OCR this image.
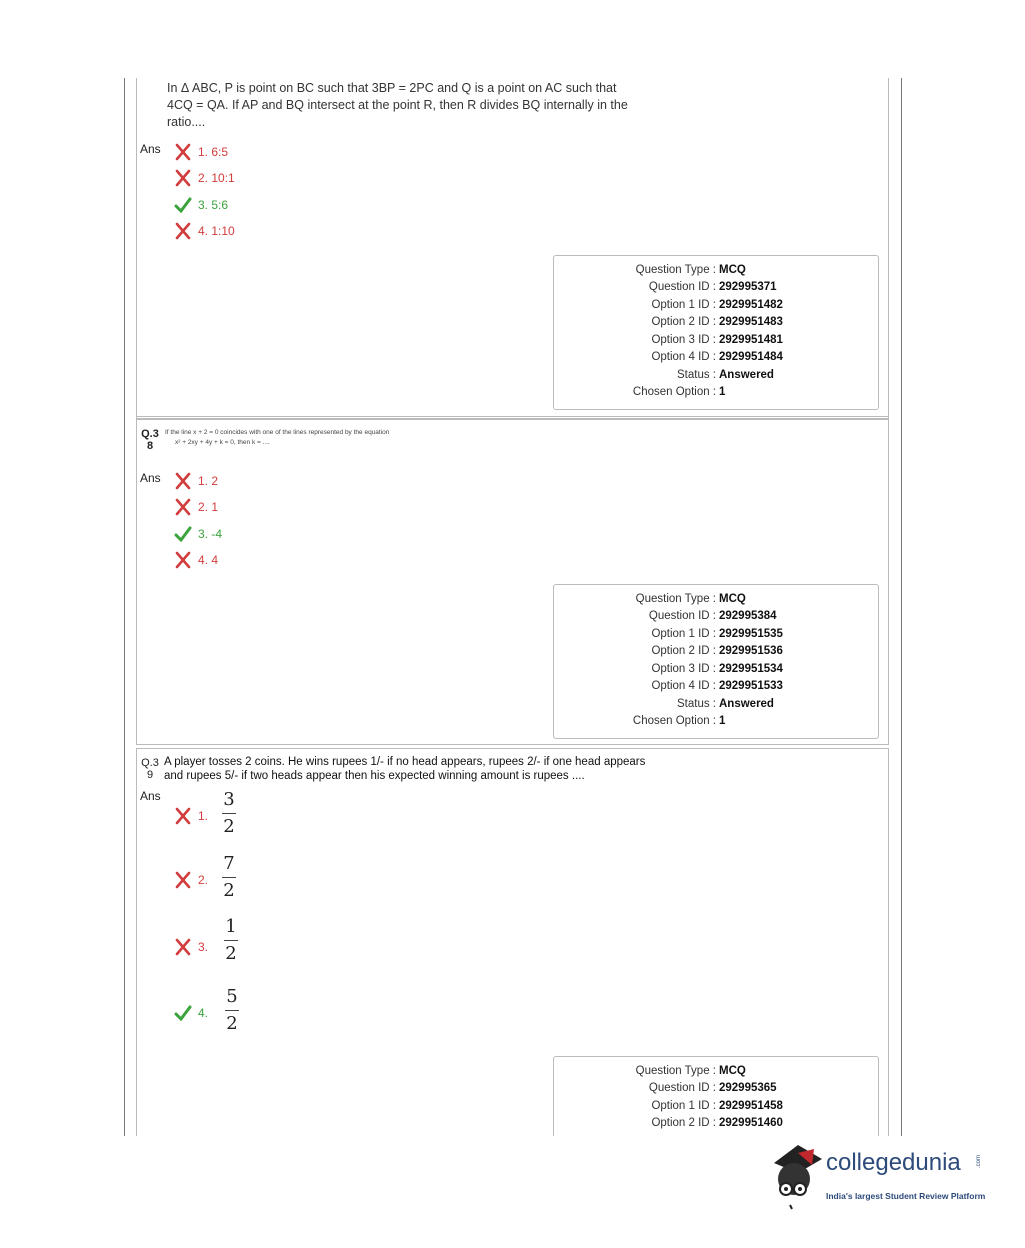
In Δ ABC, P is point on BC such that 3BP = 2PC and Q is a point on AC such that
4CQ = QA. If AP and BQ intersect at the point R, then R divides BQ internally in the
ratio....
Ans	1. 6:5
2. 10:1
3. 5:6
4. 1:10
Question Type : MCQ
Question ID : 292995371
Option 1 ID : 2929951482
Option 2 ID : 2929951483
Option 3 ID : 2929951481
Option 4 ID : 2929951484
Status : Answered
Chosen Option : 1
Q.3
8
If the line x + 2 = 0 coincides with one of the lines represented by the equation
x² + 2xy + 4y + k = 0, then k = ....
Ans	1. 2
2. 1
3. -4
4. 4
Question Type : MCQ
Question ID : 292995384
Option 1 ID : 2929951535
Option 2 ID : 2929951536
Option 3 ID : 2929951534
Option 4 ID : 2929951533
Status : Answered
Chosen Option : 1
Q.3
9
A player tosses 2 coins. He wins rupees 1/- if no head appears, rupees 2/- if one head appears
and rupees 5/- if two heads appear then his expected winning amount is rupees ....
Ans
1.
3
2
2.
7
2
3.
1
2
4.
5
2
Question Type : MCQ
Question ID : 292995365
Option 1 ID : 2929951458
Option 2 ID : 2929951460
collegedunia	.com
India's largest Student Review Platform
